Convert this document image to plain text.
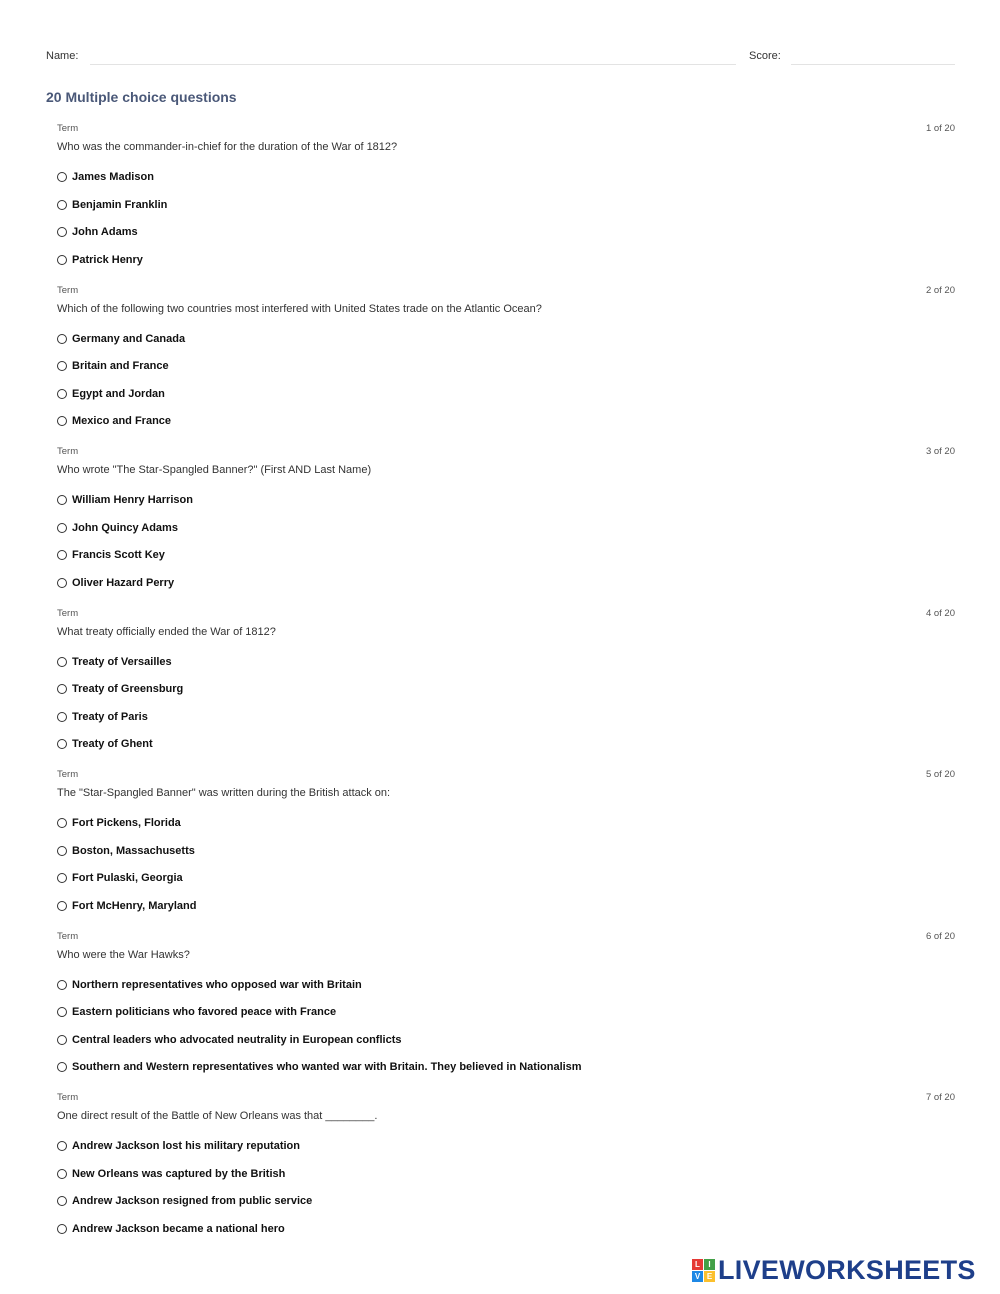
Name:	Score:
20 Multiple choice questions
Term	1 of 20
Who was the commander-in-chief for the duration of the War of 1812?
James Madison
Benjamin Franklin
John Adams
Patrick Henry
Term	2 of 20
Which of the following two countries most interfered with United States trade on the Atlantic Ocean?
Germany and Canada
Britain and France
Egypt and Jordan
Mexico and France
Term	3 of 20
Who wrote "The Star-Spangled Banner?" (First AND Last Name)
William Henry Harrison
John Quincy Adams
Francis Scott Key
Oliver Hazard Perry
Term	4 of 20
What treaty officially ended the War of 1812?
Treaty of Versailles
Treaty of Greensburg
Treaty of Paris
Treaty of Ghent
Term	5 of 20
The "Star-Spangled Banner" was written during the British attack on:
Fort Pickens, Florida
Boston, Massachusetts
Fort Pulaski, Georgia
Fort McHenry, Maryland
Term	6 of 20
Who were the War Hawks?
Northern representatives who opposed war with Britain
Eastern politicians who favored peace with France
Central leaders who advocated neutrality in European conflicts
Southern and Western representatives who wanted war with Britain. They believed in Nationalism
Term	7 of 20
One direct result of the Battle of New Orleans was that ________.
Andrew Jackson lost his military reputation
New Orleans was captured by the British
Andrew Jackson resigned from public service
Andrew Jackson became a national hero
L	I
V E LIVEWORKSHEETS
